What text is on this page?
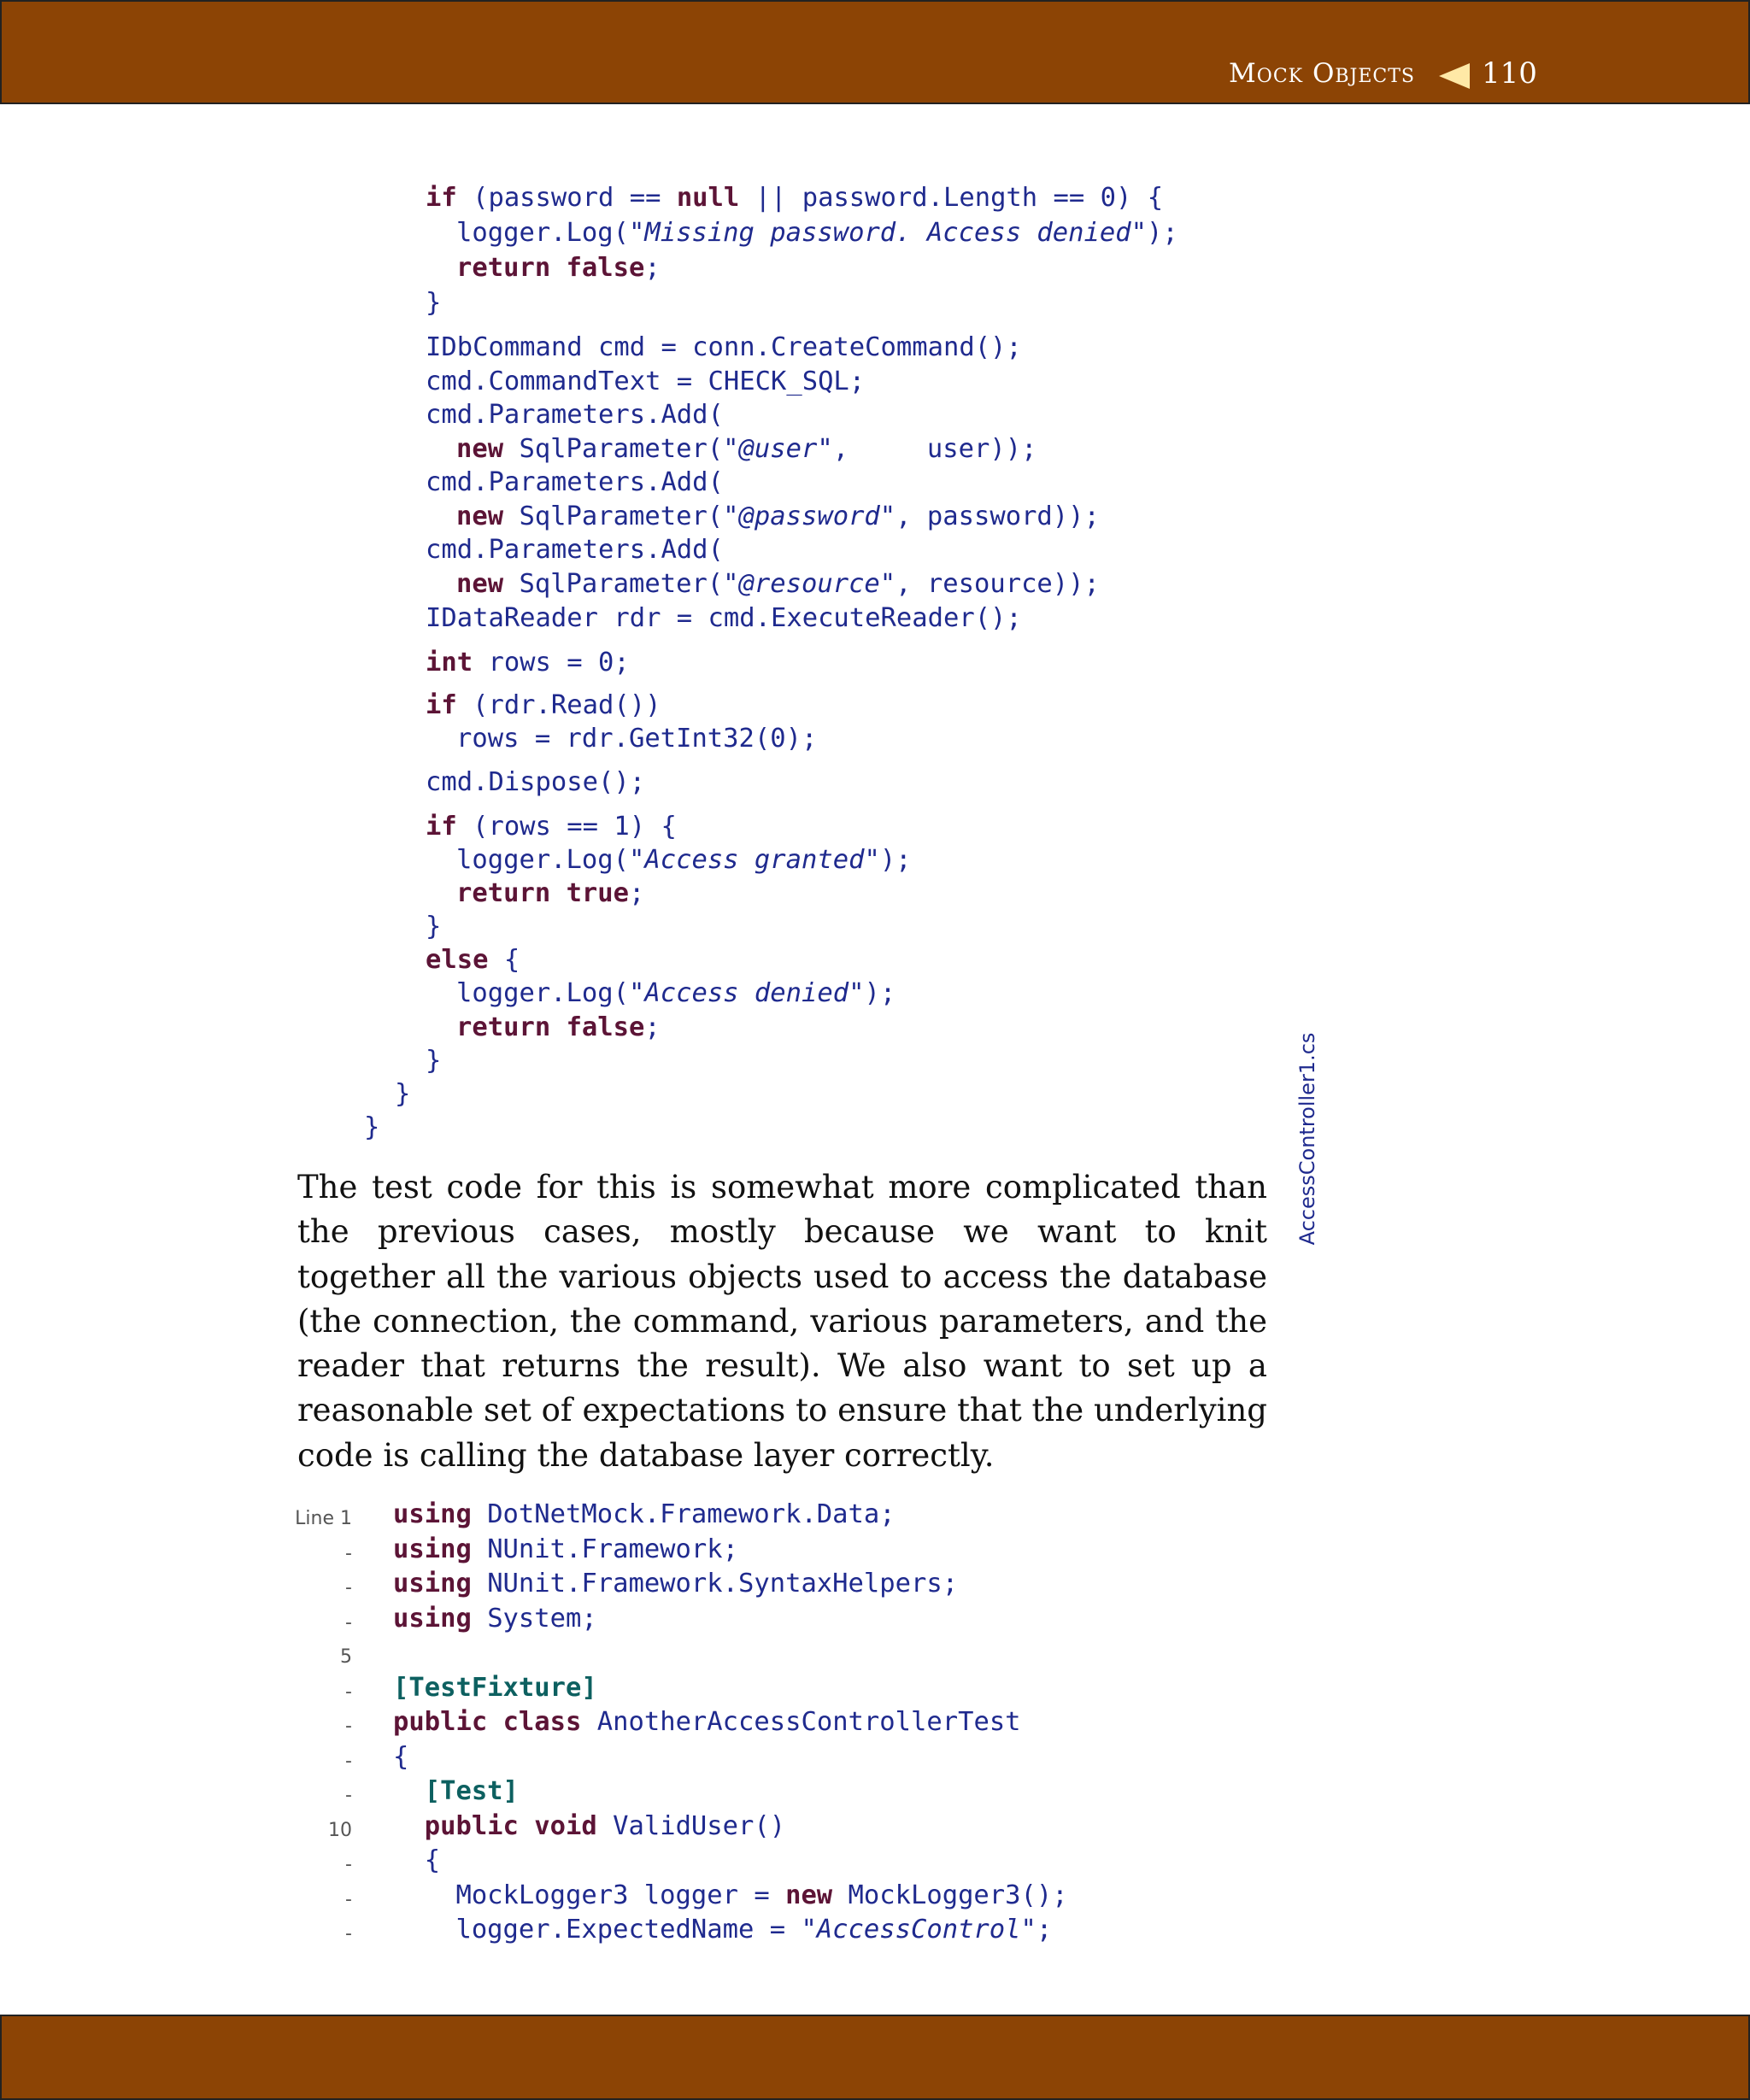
Mock Objects 110
if (password == null || password.Length == 0) {
logger.Log("Missing password. Access denied");
return false;
}
IDbCommand cmd = conn.CreateCommand();
cmd.CommandText = CHECK_SQL;
cmd.Parameters.Add(
new SqlParameter("@user",     user));
cmd.Parameters.Add(
new SqlParameter("@password", password));
cmd.Parameters.Add(
new SqlParameter("@resource", resource));
IDataReader rdr = cmd.ExecuteReader();
int rows = 0;
if (rdr.Read())
rows = rdr.GetInt32(0);
cmd.Dispose();
if (rows == 1) {
logger.Log("Access granted");
return true;
}
else {
logger.Log("Access denied");
return false;
}
}
}	AccessController1.cs

The test code for this is somewhat more complicated than the previous cases, mostly because we want to knit together all the various objects used to access the database (the connection, the command, various parameters, and the reader that returns the result). We also want to set up a reasonable set of expectations to ensure that the underlying code is calling the database layer correctly.

Line 1
-
-
-
5
-
-
-
-
10
-
-
-
using DotNetMock.Framework.Data;
using NUnit.Framework;
using NUnit.Framework.SyntaxHelpers;
using System;

[TestFixture]
public class AnotherAccessControllerTest
{
[Test]
public void ValidUser()
{
MockLogger3 logger = new MockLogger3();
logger.ExpectedName = "AccessControl";
